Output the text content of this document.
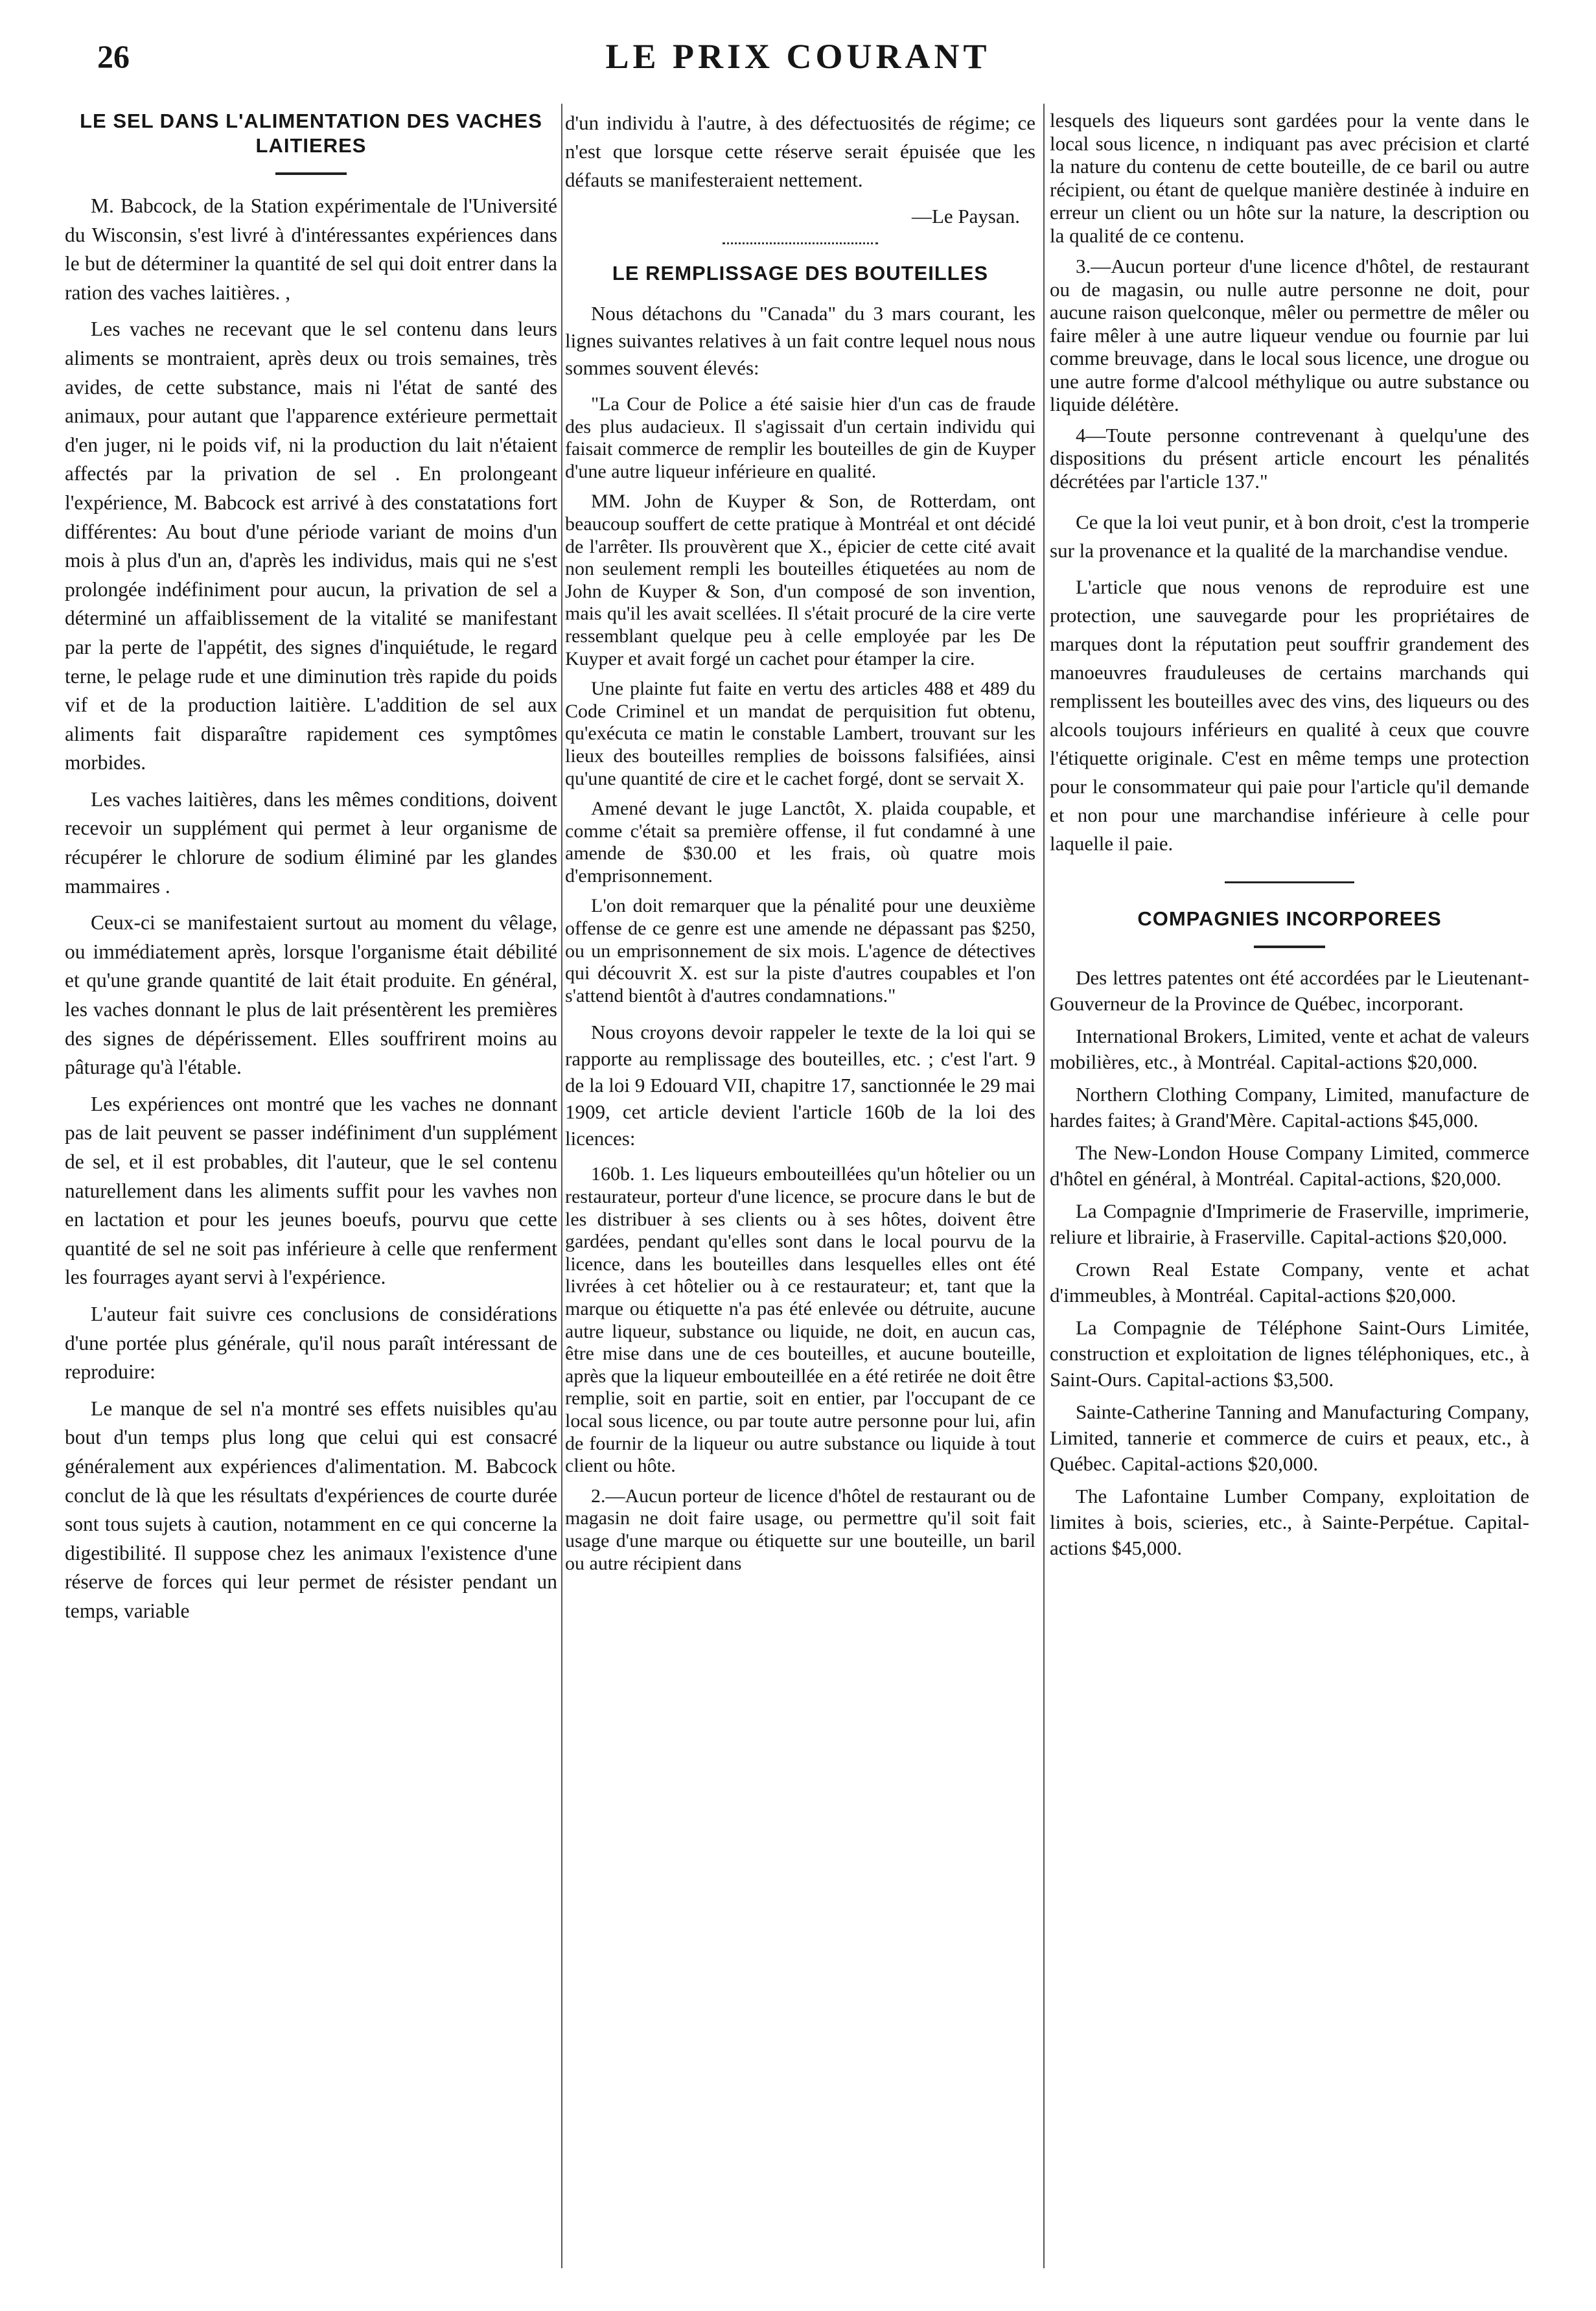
26	LE PRIX COURANT
LE SEL DANS L'ALIMENTATION DES VACHES LAITIERES

M. Babcock, de la Station expérimentale de l'Université du Wisconsin, s'est livré à d'intéressantes expériences dans le but de déterminer la quantité de sel qui doit entrer dans la ration des vaches laitières. ,

Les vaches ne recevant que le sel contenu dans leurs aliments se montraient, après deux ou trois semaines, très avides, de cette substance, mais ni l'état de santé des animaux, pour autant que l'apparence extérieure permettait d'en juger, ni le poids vif, ni la production du lait n'étaient affectés par la privation de sel . En prolongeant l'expérience, M. Babcock est arrivé à des constatations fort différentes: Au bout d'une période variant de moins d'un mois à plus d'un an, d'après les individus, mais qui ne s'est prolongée indéfiniment pour aucun, la privation de sel a déterminé un affaiblissement de la vitalité se manifestant par la perte de l'appétit, des signes d'inquiétude, le regard terne, le pelage rude et une diminution très rapide du poids vif et de la production laitière. L'addition de sel aux aliments fait disparaître rapidement ces symptômes morbides.

Les vaches laitières, dans les mêmes conditions, doivent recevoir un supplément qui permet à leur organisme de récupérer le chlorure de sodium éliminé par les glandes mammaires .

Ceux-ci se manifestaient surtout au moment du vêlage, ou immédiatement après, lorsque l'organisme était débilité et qu'une grande quantité de lait était produite. En général, les vaches donnant le plus de lait présentèrent les premières des signes de dépérissement. Elles souffrirent moins au pâturage qu'à l'étable.

Les expériences ont montré que les vaches ne donnant pas de lait peuvent se passer indéfiniment d'un supplément de sel, et il est probables, dit l'auteur, que le sel contenu naturellement dans les aliments suffit pour les vavhes non en lactation et pour les jeunes boeufs, pourvu que cette quantité de sel ne soit pas inférieure à celle que renferment les fourrages ayant servi à l'expérience.

L'auteur fait suivre ces conclusions de considérations d'une portée plus générale, qu'il nous paraît intéressant de reproduire:

Le manque de sel n'a montré ses effets nuisibles qu'au bout d'un temps plus long que celui qui est consacré généralement aux expériences d'alimentation. M. Babcock conclut de là que les résultats d'expériences de courte durée sont tous sujets à caution, notamment en ce qui concerne la digestibilité. Il suppose chez les animaux l'existence d'une réserve de forces qui leur permet de résister pendant un temps, variable

d'un individu à l'autre, à des défectuosités de régime; ce n'est que lorsque cette réserve serait épuisée que les défauts se manifesteraient nettement.

—Le Paysan.

LE REMPLISSAGE DES BOUTEILLES

Nous détachons du "Canada" du 3 mars courant, les lignes suivantes relatives à un fait contre lequel nous nous sommes souvent élevés:

"La Cour de Police a été saisie hier d'un cas de fraude des plus audacieux. Il s'agissait d'un certain individu qui faisait commerce de remplir les bouteilles de gin de Kuyper d'une autre liqueur inférieure en qualité.

MM. John de Kuyper & Son, de Rotterdam, ont beaucoup souffert de cette pratique à Montréal et ont décidé de l'arrêter. Ils prouvèrent que X., épicier de cette cité avait non seulement rempli les bouteilles étiquetées au nom de John de Kuyper & Son, d'un composé de son invention, mais qu'il les avait scellées. Il s'était procuré de la cire verte ressemblant quelque peu à celle employée par les De Kuyper et avait forgé un cachet pour étamper la cire.

Une plainte fut faite en vertu des articles 488 et 489 du Code Criminel et un mandat de perquisition fut obtenu, qu'exécuta ce matin le constable Lambert, trouvant sur les lieux des bouteilles remplies de boissons falsifiées, ainsi qu'une quantité de cire et le cachet forgé, dont se servait X.

Amené devant le juge Lanctôt, X. plaida coupable, et comme c'était sa première offense, il fut condamné à une amende de $30.00 et les frais, où quatre mois d'emprisonnement.

L'on doit remarquer que la pénalité pour une deuxième offense de ce genre est une amende ne dépassant pas $250, ou un emprisonnement de six mois. L'agence de détectives qui découvrit X. est sur la piste d'autres coupables et l'on s'attend bientôt à d'autres condamnations."

Nous croyons devoir rappeler le texte de la loi qui se rapporte au remplissage des bouteilles, etc. ; c'est l'art. 9 de la loi 9 Edouard VII, chapitre 17, sanctionnée le 29 mai 1909, cet article devient l'article 160b de la loi des licences:

160b. 1. Les liqueurs embouteillées qu'un hôtelier ou un restaurateur, porteur d'une licence, se procure dans le but de les distribuer à ses clients ou à ses hôtes, doivent être gardées, pendant qu'elles sont dans le local pourvu de la licence, dans les bouteilles dans lesquelles elles ont été livrées à cet hôtelier ou à ce restaurateur; et, tant que la marque ou étiquette n'a pas été enlevée ou détruite, aucune autre liqueur, substance ou liquide, ne doit, en aucun cas, être mise dans une de ces bouteilles, et aucune bouteille, après que la liqueur embouteillée en a été retirée ne doit être remplie, soit en partie, soit en entier, par l'occupant de ce local sous licence, ou par toute autre personne pour lui, afin de fournir de la liqueur ou autre substance ou liquide à tout client ou hôte.

2.—Aucun porteur de licence d'hôtel de restaurant ou de magasin ne doit faire usage, ou permettre qu'il soit fait usage d'une marque ou étiquette sur une bouteille, un baril ou autre récipient dans

lesquels des liqueurs sont gardées pour la vente dans le local sous licence, n indiquant pas avec précision et clarté la nature du contenu de cette bouteille, de ce baril ou autre récipient, ou étant de quelque manière destinée à induire en erreur un client ou un hôte sur la nature, la description ou la qualité de ce contenu.

3.—Aucun porteur d'une licence d'hôtel, de restaurant ou de magasin, ou nulle autre personne ne doit, pour aucune raison quelconque, mêler ou permettre de mêler ou faire mêler à une autre liqueur vendue ou fournie par lui comme breuvage, dans le local sous licence, une drogue ou une autre forme d'alcool méthylique ou autre substance ou liquide délétère.

4—Toute personne contrevenant à quelqu'une des dispositions du présent article encourt les pénalités décrétées par l'article 137."

Ce que la loi veut punir, et à bon droit, c'est la tromperie sur la provenance et la qualité de la marchandise vendue.

L'article que nous venons de reproduire est une protection, une sauvegarde pour les propriétaires de marques dont la réputation peut souffrir grandement des manoeuvres frauduleuses de certains marchands qui remplissent les bouteilles avec des vins, des liqueurs ou des alcools toujours inférieurs en qualité à ceux que couvre l'étiquette originale. C'est en même temps une protection pour le consommateur qui paie pour l'article qu'il demande et non pour une marchandise inférieure à celle pour laquelle il paie.

COMPAGNIES INCORPOREES

Des lettres patentes ont été accordées par le Lieutenant-Gouverneur de la Province de Québec, incorporant.

International Brokers, Limited, vente et achat de valeurs mobilières, etc., à Montréal. Capital-actions $20,000.

Northern Clothing Company, Limited, manufacture de hardes faites; à Grand'Mère. Capital-actions $45,000.

The New-London House Company Limited, commerce d'hôtel en général, à Montréal. Capital-actions, $20,000.

La Compagnie d'Imprimerie de Fraserville, imprimerie, reliure et librairie, à Fraserville. Capital-actions $20,000.

Crown Real Estate Company, vente et achat d'immeubles, à Montréal. Capital-actions $20,000.

La Compagnie de Téléphone Saint-Ours Limitée, construction et exploitation de lignes téléphoniques, etc., à Saint-Ours. Capital-actions $3,500.

Sainte-Catherine Tanning and Manufacturing Company, Limited, tannerie et commerce de cuirs et peaux, etc., à Québec. Capital-actions $20,000.

The Lafontaine Lumber Company, exploitation de limites à bois, scieries, etc., à Sainte-Perpétue. Capital-actions $45,000.
